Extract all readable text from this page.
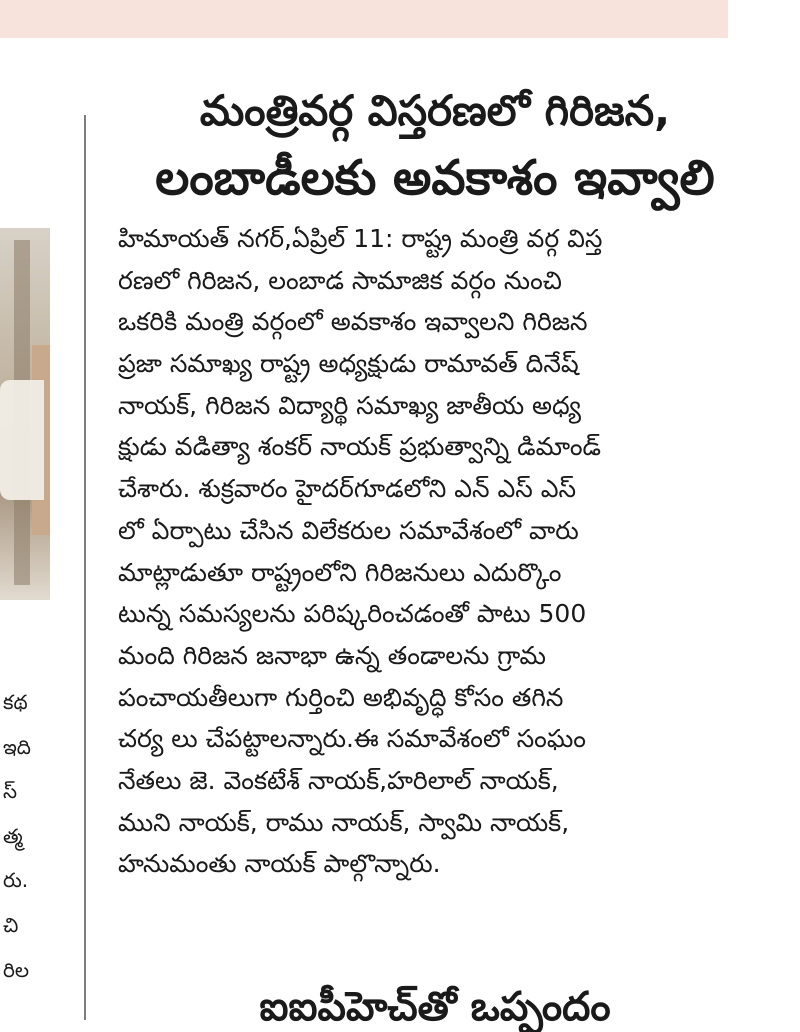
కథ
ఇది
స్
త్మ
రు.
చి
రిల
మంత్రివర్గ విస్తరణలో గిరిజన,
లంబాడీలకు అవకాశం ఇవ్వాలి
హిమాయత్ నగర్,ఏప్రిల్ 11: రాష్ట్ర మంత్రి వర్గ విస్త
రణలో గిరిజన, లంబాడ సామాజిక వర్గం నుంచి
ఒకరికి మంత్రి వర్గంలో అవకాశం ఇవ్వాలని గిరిజన
ప్రజా సమాఖ్య రాష్ట్ర అధ్యక్షుడు రామావత్ దినేష్
నాయక్, గిరిజన విద్యార్థి సమాఖ్య జాతీయ అధ్య
క్షుడు వడిత్యా శంకర్ నాయక్ ప్రభుత్వాన్ని డిమాండ్
చేశారు. శుక్రవారం హైదర్‌గూడలోని ఎన్ ఎస్ ఎస్
లో ఏర్పాటు చేసిన విలేకరుల సమావేశంలో వారు
మాట్లాడుతూ రాష్ట్రంలోని గిరిజనులు ఎదుర్కొం
టున్న సమస్యలను పరిష్కరించడంతో పాటు 500
మంది గిరిజన జనాభా ఉన్న తండాలను గ్రామ
పంచాయతీలుగా గుర్తించి అభివృద్ధి కోసం తగిన
చర్య లు చేపట్టాలన్నారు.ఈ సమావేశంలో సంఘం
నేతలు జె. వెంకటేశ్ నాయక్,హరిలాల్ నాయక్,
ముని నాయక్, రాము నాయక్, స్వామి నాయక్,
హనుమంతు నాయక్ పాల్గొన్నారు.
ఐఐపీహెచ్‌తో ఒప్పందం
